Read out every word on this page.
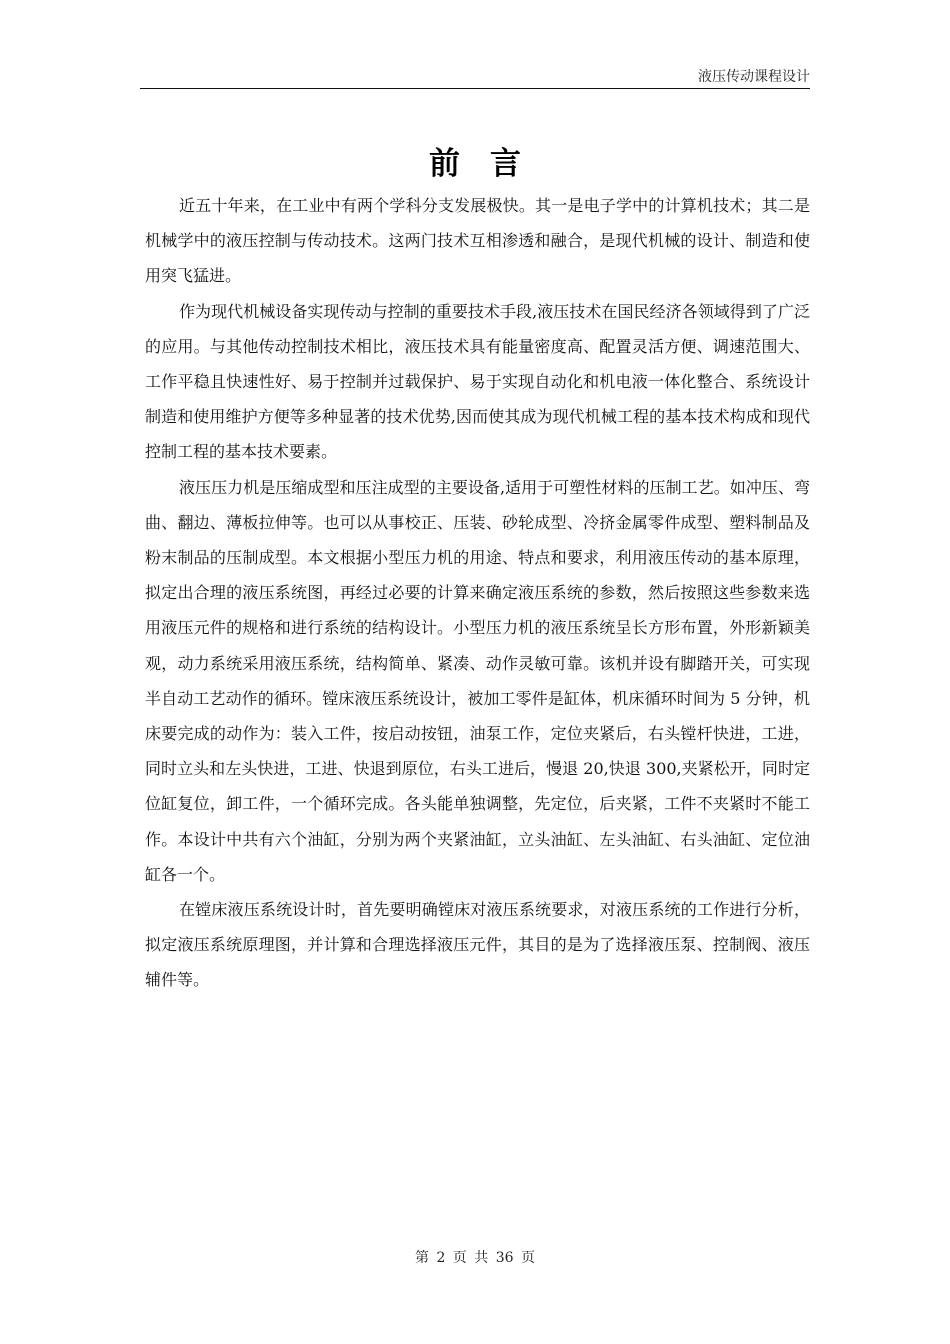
液压传动课程设计
前言

近五十年来，在工业中有两个学科分支发展极快。其一是电子学中的计算机技术；其二是机械学中的液压控制与传动技术。这两门技术互相渗透和融合，是现代机械的设计、制造和使用突飞猛进。

作为现代机械设备实现传动与控制的重要技术手段,液压技术在国民经济各领域得到了广泛的应用。与其他传动控制技术相比，液压技术具有能量密度高、配置灵活方便、调速范围大、工作平稳且快速性好、易于控制并过载保护、易于实现自动化和机电液一体化整合、系统设计制造和使用维护方便等多种显著的技术优势,因而使其成为现代机械工程的基本技术构成和现代控制工程的基本技术要素。

液压压力机是压缩成型和压注成型的主要设备,适用于可塑性材料的压制工艺。如冲压、弯曲、翻边、薄板拉伸等。也可以从事校正、压装、砂轮成型、冷挤金属零件成型、塑料制品及粉末制品的压制成型。本文根据小型压力机的用途、特点和要求，利用液压传动的基本原理，拟定出合理的液压系统图，再经过必要的计算来确定液压系统的参数，然后按照这些参数来选用液压元件的规格和进行系统的结构设计。小型压力机的液压系统呈长方形布置，外形新颖美观，动力系统采用液压系统，结构简单、紧凑、动作灵敏可靠。该机并设有脚踏开关，可实现半自动工艺动作的循环。镗床液压系统设计，被加工零件是缸体，机床循环时间为 5 分钟，机床要完成的动作为：装入工件，按启动按钮，油泵工作，定位夹紧后，右头镗杆快进，工进，同时立头和左头快进，工进、快退到原位，右头工进后，慢退 20,快退 300,夹紧松开，同时定位缸复位，卸工件，一个循环完成。各头能单独调整，先定位，后夹紧，工件不夹紧时不能工作。本设计中共有六个油缸，分别为两个夹紧油缸，立头油缸、左头油缸、右头油缸、定位油缸各一个。

在镗床液压系统设计时，首先要明确镗床对液压系统要求，对液压系统的工作进行分析，拟定液压系统原理图，并计算和合理选择液压元件，其目的是为了选择液压泵、控制阀、液压辅件等。

第 2 页 共 36 页
